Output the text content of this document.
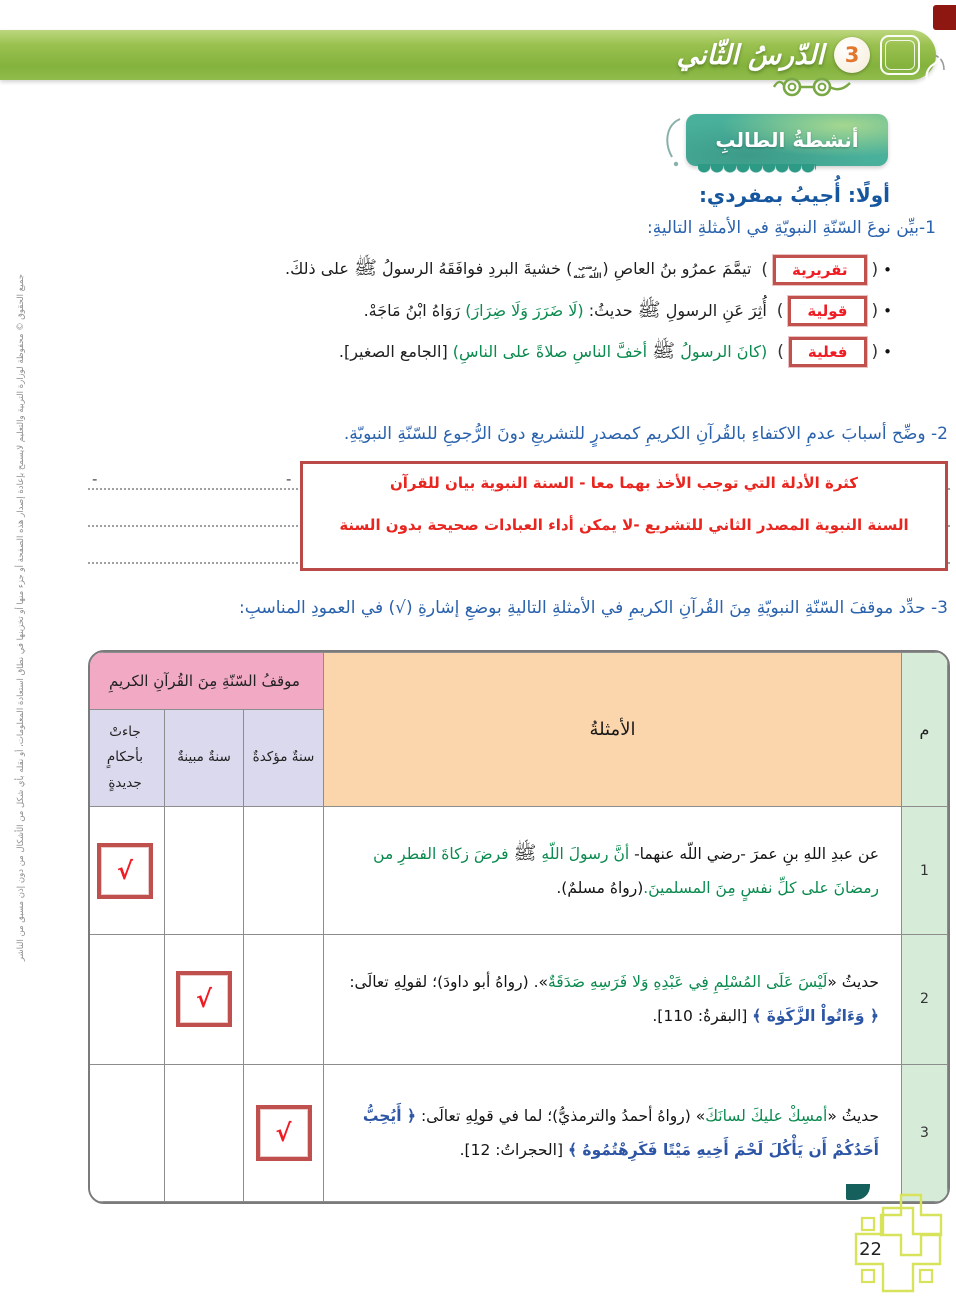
3
الدّرسُ الثّاني
أنشطةُ الطالبِ
جميع الحقوق © محفوظة لوزارة التربية والتعليم لايسمح بإعادة إصدار هذه الصفحة أو جزء منها أو تخزينها في نطاق استعادة المعلومات، أو نقله بأي شكل من الأشكال من دون إذن مسبق من الناشر
أولًا: أُجيبُ بمفردي:
1-بيِّن نوعَ السّنّةِ النبويّةِ في الأمثلةِ التاليةِ:
•
(
تقريرية
)
تيمَّمَ عمرُو بنُ العاصِ (رضي الله عنه) خشيةَ البردِ فوافَقَهُ الرسولُ ﷺ على ذلكَ.
•
(
قولية
)
أُثِرَ عَنِ الرسولِ ﷺ حديثُ: (لَا ضَرَرَ وَلَا ضِرَارَ) رَوَاهُ ابْنُ مَاجَهْ.
•
(
فعلية
)
(كانَ الرسولُ ﷺ أخفَّ الناسِ صلاةً على الناسِ) [الجامع الصغير].
2- وضِّح أسبابَ عدمِ الاكتفاءِ بالقُرآنِ الكريمِ كمصدرٍ للتشريعِ دونَ الرُّجوعِ للسّنّةِ النبويّةِ.
-
-	كثرة الأدلة التي توجب الأخذ بهما معا - السنة النبوية بيان للقرآن

السنة النبوية المصدر الثاني للتشريع -لا يمكن أداء العبادات صحيحة بدون السنة

3- حدِّد موقفَ السّنّةِ النبويّةِ مِنَ القُرآنِ الكريمِ في الأمثلةِ التاليةِ بوضعِ إشارةِ (√) في العمودِ المناسبِ:
م	الأمثلةُ	موقفُ السّنّةِ مِنَ القُرآنِ الكريمِ		
		سنةٌ مؤكدةٌ	سنةٌ مبينةٌ	جاءتْ بأحكامٍ جديدةٍ
1	عن عبدِ اللهِ بنِ عمرَ -رضي اللّه عنهما- أنَّ رسولَ اللّهِ ﷺ فرضَ زكاةَ الفطرِ من رمضانَ على كلِّ نفسٍ مِنَ المسلمينَ.(رواهُ مسلمٌ).			√

2	حديثُ «لَيْسَ عَلَى المُسْلِمِ فِي عَبْدِهِ وَلا فَرَسِهِ صَدَقَةٌ». (رواهُ أبو داودَ)؛ لقولِهِ تعالَى: ﴿ وَءَاتُواْ الزَّكَوٰةَ ﴾ [البقرةُ: 110].		√	

3	حديثُ «أمسِكْ عليكَ لسانَكَ» (رواهُ أحمدُ والترمذيُّ)؛ لما في قولِهِ تعالَى: ﴿ أَيُحِبُّ أَحَدُكُمْ أَن يَأْكُلَ لَحْمَ أَخِيهِ مَيْتًا فَكَرِهْتُمُوهُ ﴾ [الحجراتُ: 12].	√		

22
